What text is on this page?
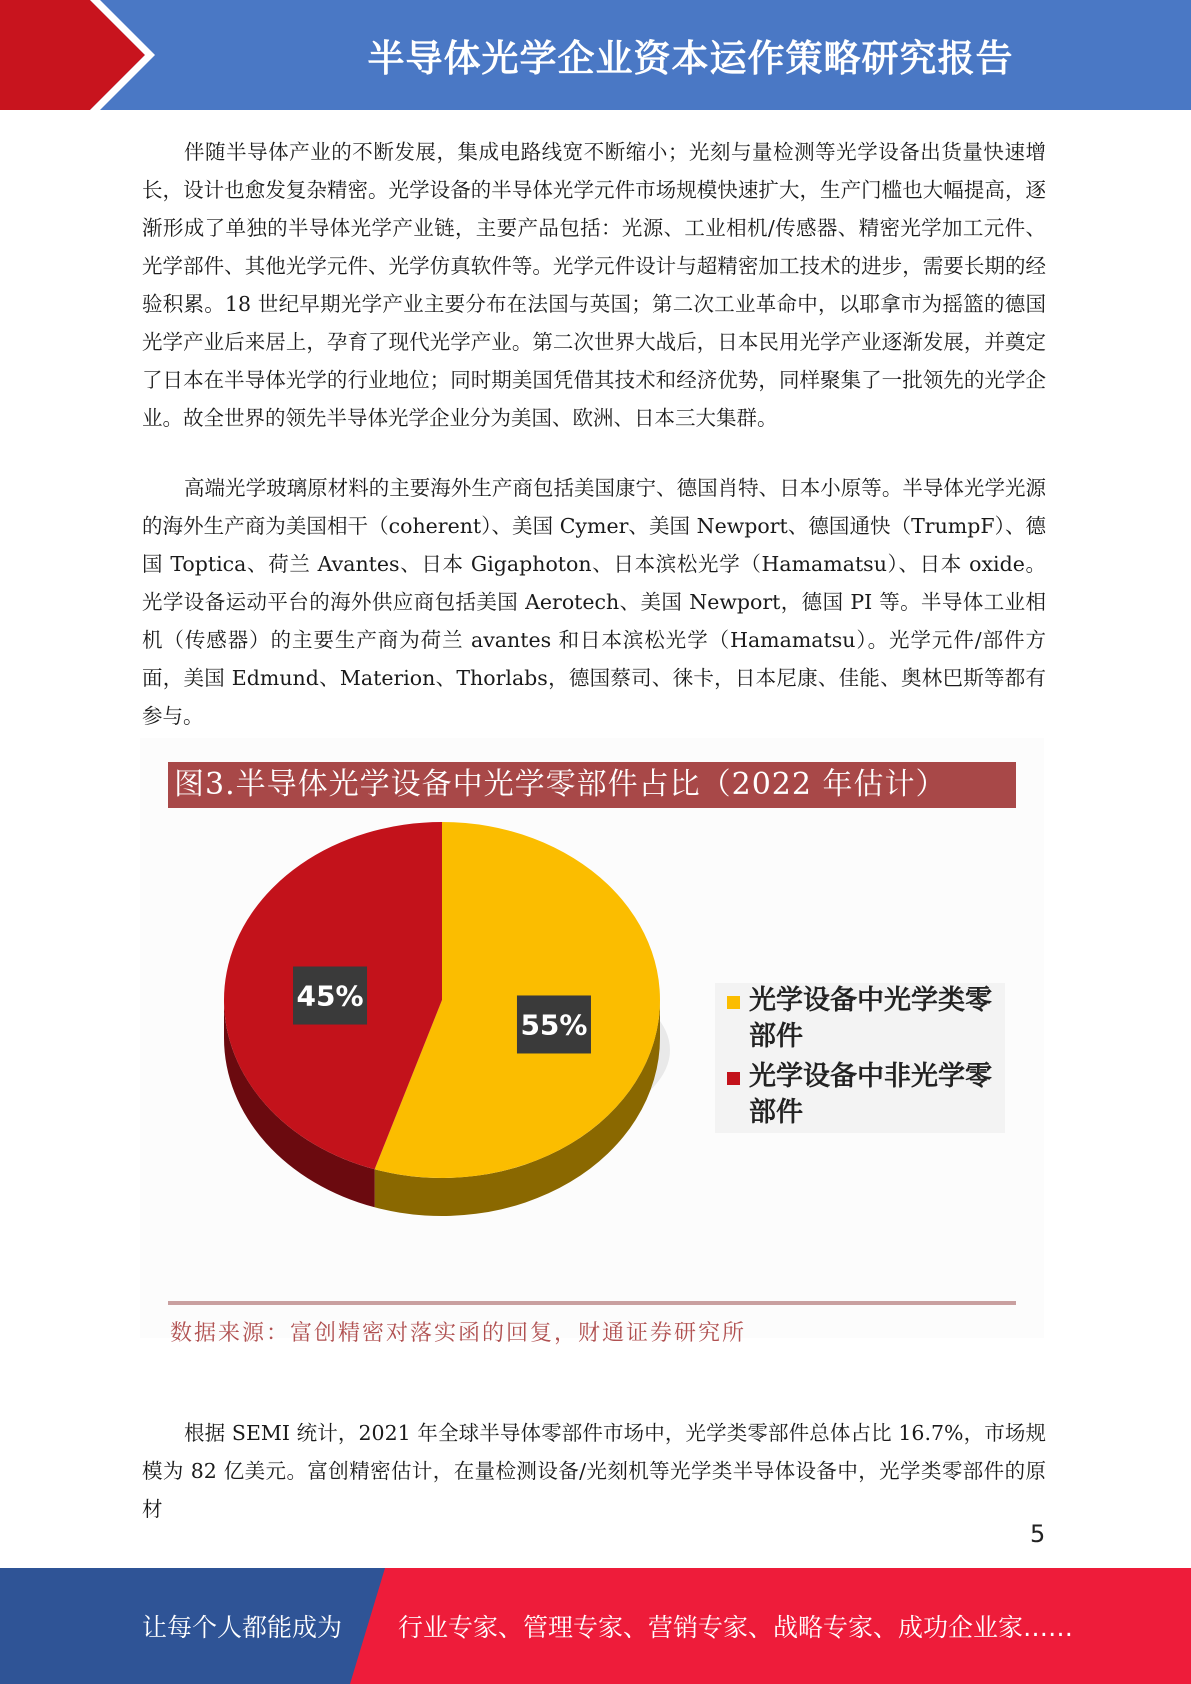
半导体光学企业资本运作策略研究报告

伴随半导体产业的不断发展，集成电路线宽不断缩小；光刻与量检测等光学设备出货量快速增长，设计也愈发复杂精密。光学设备的半导体光学元件市场规模快速扩大，生产门槛也大幅提高，逐渐形成了单独的半导体光学产业链，主要产品包括：光源、工业相机/传感器、精密光学加工元件、光学部件、其他光学元件、光学仿真软件等。光学元件设计与超精密加工技术的进步，需要长期的经验积累。18 世纪早期光学产业主要分布在法国与英国；第二次工业革命中，以耶拿市为摇篮的德国光学产业后来居上，孕育了现代光学产业。第二次世界大战后，日本民用光学产业逐渐发展，并奠定了日本在半导体光学的行业地位；同时期美国凭借其技术和经济优势，同样聚集了一批领先的光学企业。故全世界的领先半导体光学企业分为美国、欧洲、日本三大集群。

高端光学玻璃原材料的主要海外生产商包括美国康宁、德国肖特、日本小原等。半导体光学光源的海外生产商为美国相干（coherent）、美国 Cymer、美国 Newport、德国通快（TrumpF）、德国 Toptica、荷兰 Avantes、日本 Gigaphoton、日本滨松光学（Hamamatsu）、日本 oxide。光学设备运动平台的海外供应商包括美国 Aerotech、美国 Newport，德国 PI 等。半导体工业相机（传感器）的主要生产商为荷兰 avantes 和日本滨松光学（Hamamatsu）。光学元件/部件方面，美国 Edmund、Materion、Thorlabs，德国蔡司、徕卡，日本尼康、佳能、奥林巴斯等都有参与。

图3.半导体光学设备中光学零部件占比（2022 年估计）
55%
45%	光学设备中光学类零部件
光学设备中非光学零部件
数据来源：富创精密对落实函的回复，财通证券研究所

根据 SEMI 统计，2021 年全球半导体零部件市场中，光学类零部件总体占比 16.7%，市场规模为 82 亿美元。富创精密估计，在量检测设备/光刻机等光学类半导体设备中，光学类零部件的原材

5
让每个人都能成为 行业专家、管理专家、营销专家、战略专家、成功企业家……
